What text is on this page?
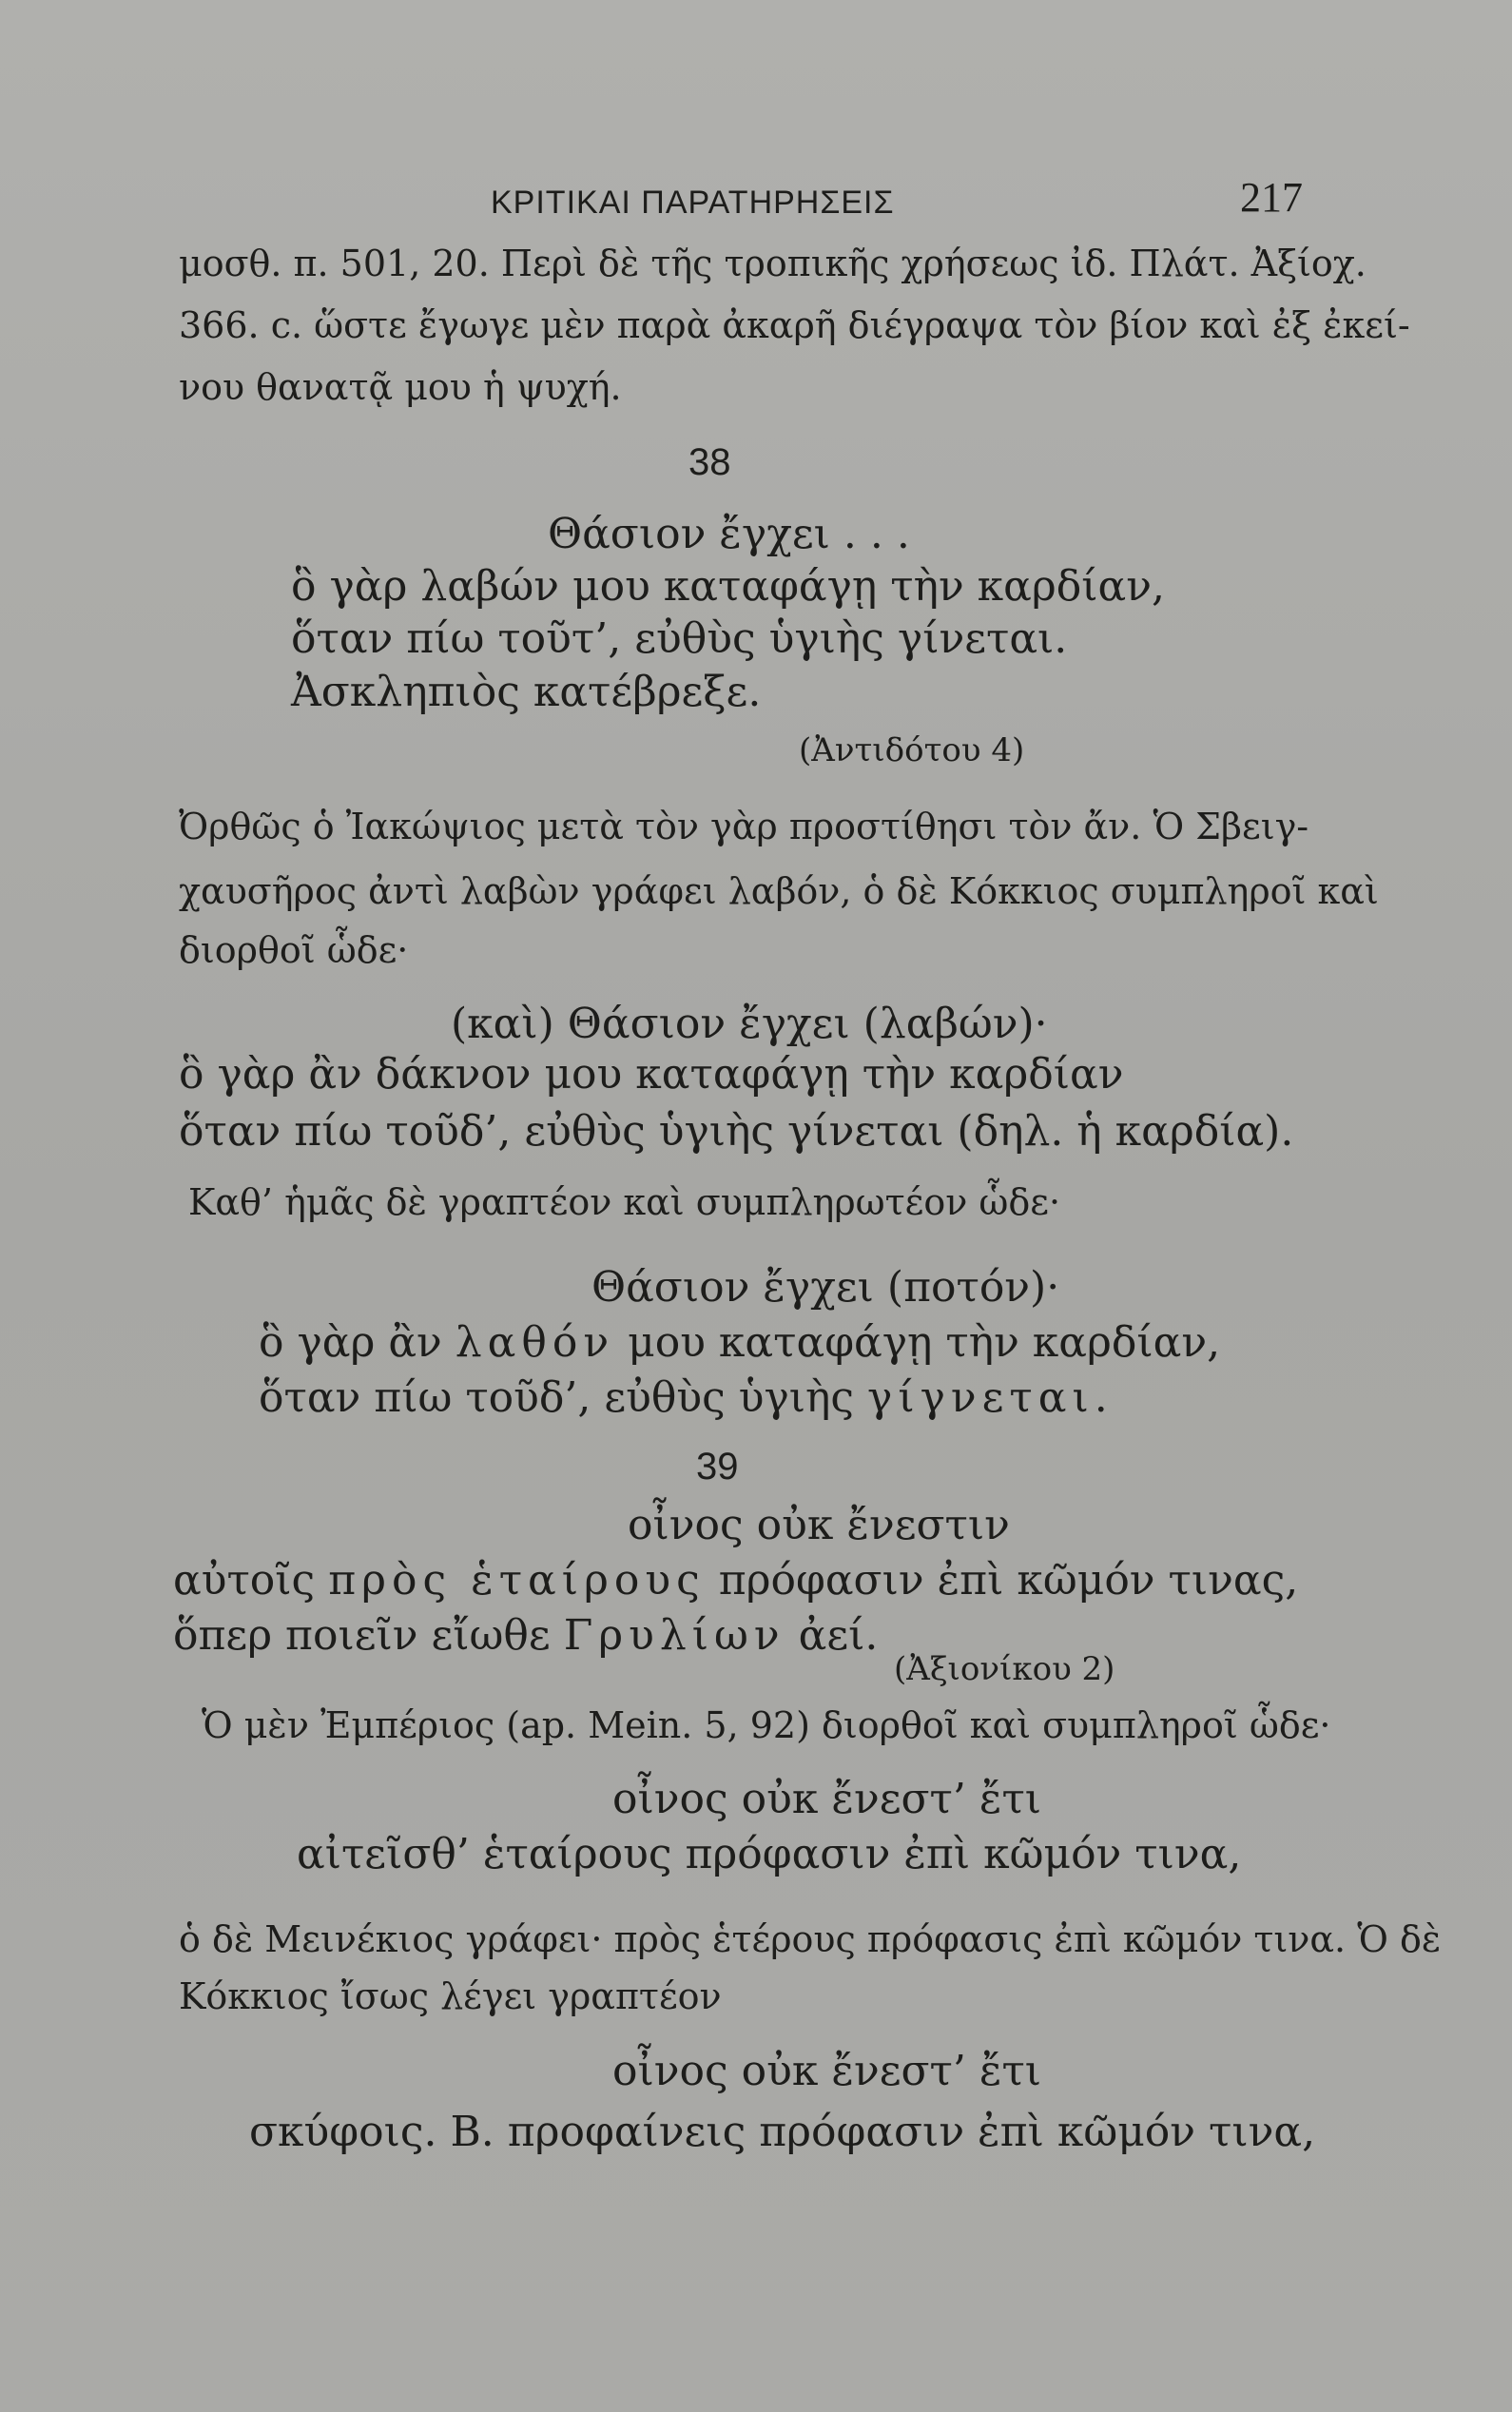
ΚΡΙΤΙΚΑΙ ΠΑΡΑΤΗΡΗΣΕΙΣ	217
μοσθ. π. 501, 20. Περὶ δὲ τῆς τροπικῆς χρήσεως ἰδ. Πλάτ. Ἀξίοχ.
366. c. ὥστε ἔγωγε μὲν παρὰ ἀκαρῆ διέγραψα τὸν βίον καὶ ἐξ ἐκεί-
νου θανατᾷ μου ἡ ψυχή.
38
Θάσιον ἔγχει . . .
ὃ γὰρ λαβών μου καταφάγῃ τὴν καρδίαν,
ὅταν πίω τοῦτ’, εὐθὺς ὑγιὴς γίνεται.
Ἀσκληπιὸς κατέβρεξε.
(Ἀντιδότου 4)
Ὀρθῶς ὁ Ἰακώψιος μετὰ τὸν γὰρ προστίθησι τὸν ἄν. Ὁ Σβειγ-
χαυσῆρος ἀντὶ λαβὼν γράφει λαβόν, ὁ δὲ Κόκκιος συμπληροῖ καὶ
διορθοῖ ὧδε·
(καὶ) Θάσιον ἔγχει (λαβών)·
ὃ γὰρ ἂν δάκνον μου καταφάγῃ τὴν καρδίαν
ὅταν πίω τοῦδ’, εὐθὺς ὑγιὴς γίνεται (δηλ. ἡ καρδία).
Καθ’ ἡμᾶς δὲ γραπτέον καὶ συμπληρωτέον ὧδε·
Θάσιον ἔγχει (ποτόν)·
ὃ γὰρ ἂν λαθόν μου καταφάγῃ τὴν καρδίαν,
ὅταν πίω τοῦδ’, εὐθὺς ὑγιὴς γίγνεται.
39
οἶνος οὐκ ἔνεστιν
αὐτοῖς πρὸς ἑταίρους πρόφασιν ἐπὶ κῶμόν τινας,
ὅπερ ποιεῖν εἴωθε Γρυλίων ἀεί.
(Ἀξιονίκου 2)
Ὁ μὲν Ἐμπέριος (ap. Mein. 5, 92) διορθοῖ καὶ συμπληροῖ ὧδε·
οἶνος οὐκ ἔνεστ’ ἔτι
αἰτεῖσθ’ ἑταίρους πρόφασιν ἐπὶ κῶμόν τινα,
ὁ δὲ Μεινέκιος γράφει· πρὸς ἑτέρους πρόφασις ἐπὶ κῶμόν τινα. Ὁ δὲ
Κόκκιος ἴσως λέγει γραπτέον
οἶνος οὐκ ἔνεστ’ ἔτι
σκύφοις. Β. προφαίνεις πρόφασιν ἐπὶ κῶμόν τινα,
